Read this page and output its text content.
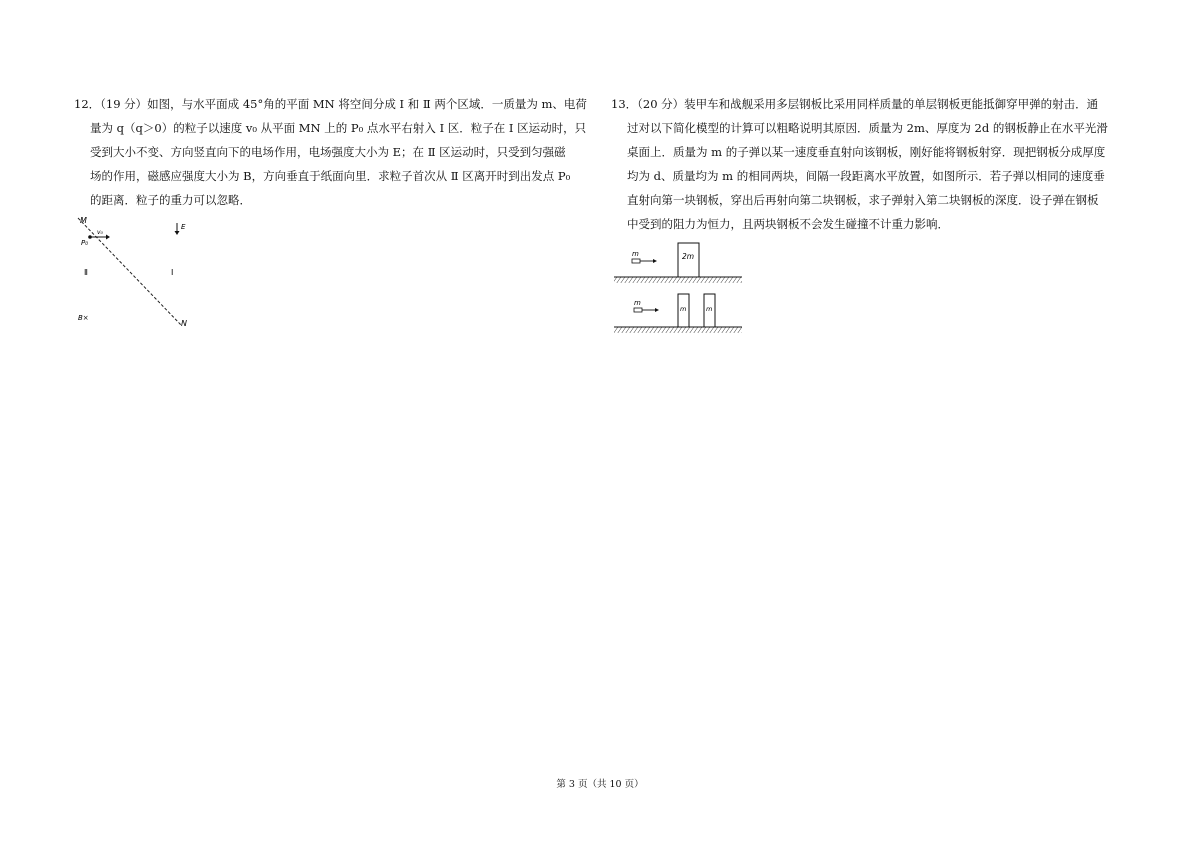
12．（19 分）如图，与水平面成 45°角的平面 MN 将空间分成 Ⅰ 和 Ⅱ 两个区域．一质量为 m、电荷
量为 q（q＞0）的粒子以速度 v₀ 从平面 MN 上的 P₀ 点水平右射入 Ⅰ 区．粒子在 Ⅰ 区运动时，只
受到大小不变、方向竖直向下的电场作用，电场强度大小为 E；在 Ⅱ 区运动时，只受到匀强磁
场的作用，磁感应强度大小为 B，方向垂直于纸面向里．求粒子首次从 Ⅱ 区离开时到出发点 P₀
的距离．粒子的重力可以忽略．
M
N
v₀
P₀
E
Ⅱ	Ⅰ
B×
13．（20 分）装甲车和战舰采用多层钢板比采用同样质量的单层钢板更能抵御穿甲弹的射击．通
过对以下简化模型的计算可以粗略说明其原因．质量为 2m、厚度为 2d 的钢板静止在水平光滑
桌面上．质量为 m 的子弹以某一速度垂直射向该钢板，刚好能将钢板射穿．现把钢板分成厚度
均为 d、质量均为 m 的相同两块，间隔一段距离水平放置，如图所示．若子弹以相同的速度垂
直射向第一块钢板，穿出后再射向第二块钢板，求子弹射入第二块钢板的深度．设子弹在钢板
中受到的阻力为恒力，且两块钢板不会发生碰撞不计重力影响．
2m
m
m	m
m
第 3 页（共 10 页）
